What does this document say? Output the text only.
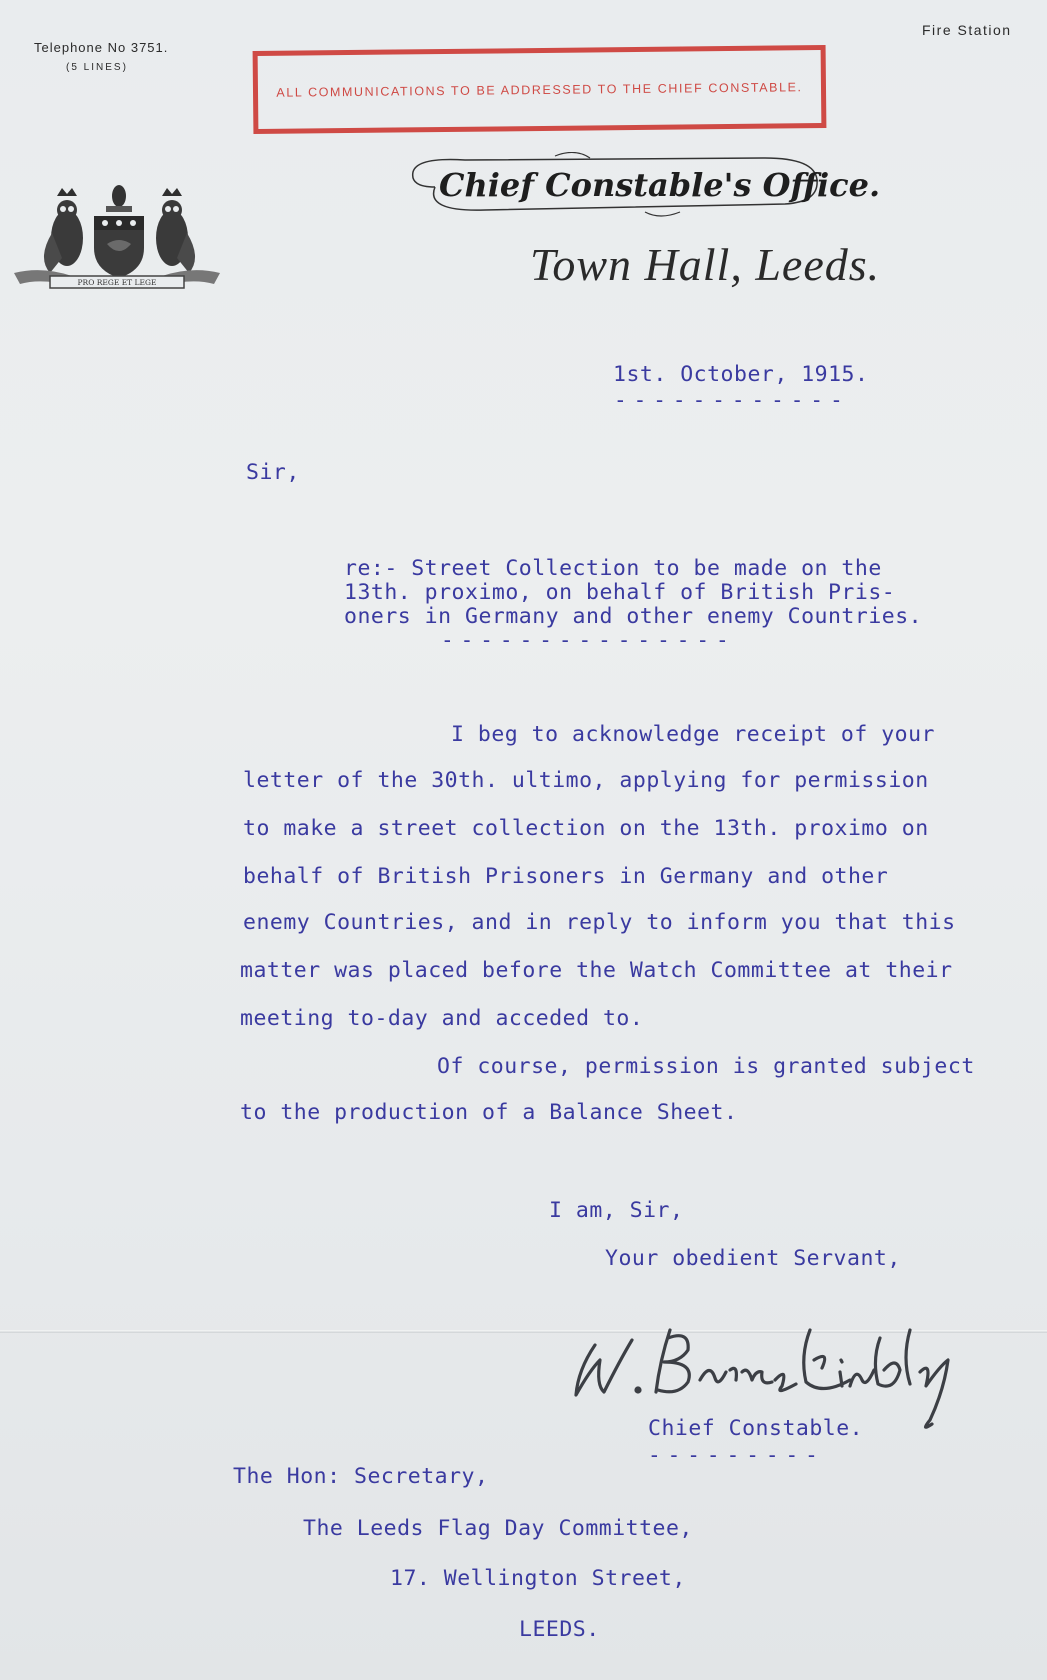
Telephone No 3751.
(5 LINES)
Fire Station
ALL COMMUNICATIONS TO BE ADDRESSED TO THE CHIEF CONSTABLE.
PRO REGE ET LEGE
Chief Constable's Office.
Town Hall, Leeds.
1st. October, 1915.
------------
Sir,
re:- Street Collection to be made on the
13th. proximo, on behalf of British Pris-
oners in Germany and other enemy Countries.
---------------
I beg to acknowledge receipt of your
letter of the 30th. ultimo, applying for permission
to make a street collection on the 13th. proximo on
behalf of British Prisoners in Germany and other
enemy Countries, and in reply to inform you that this
matter was placed before the Watch Committee at their
meeting to-day and acceded to.
Of course, permission is granted subject
to the production of a Balance Sheet.
I am, Sir,
Your obedient Servant,
Chief Constable.
---------
The Hon: Secretary,
The Leeds Flag Day Committee,
17. Wellington Street,
LEEDS.
